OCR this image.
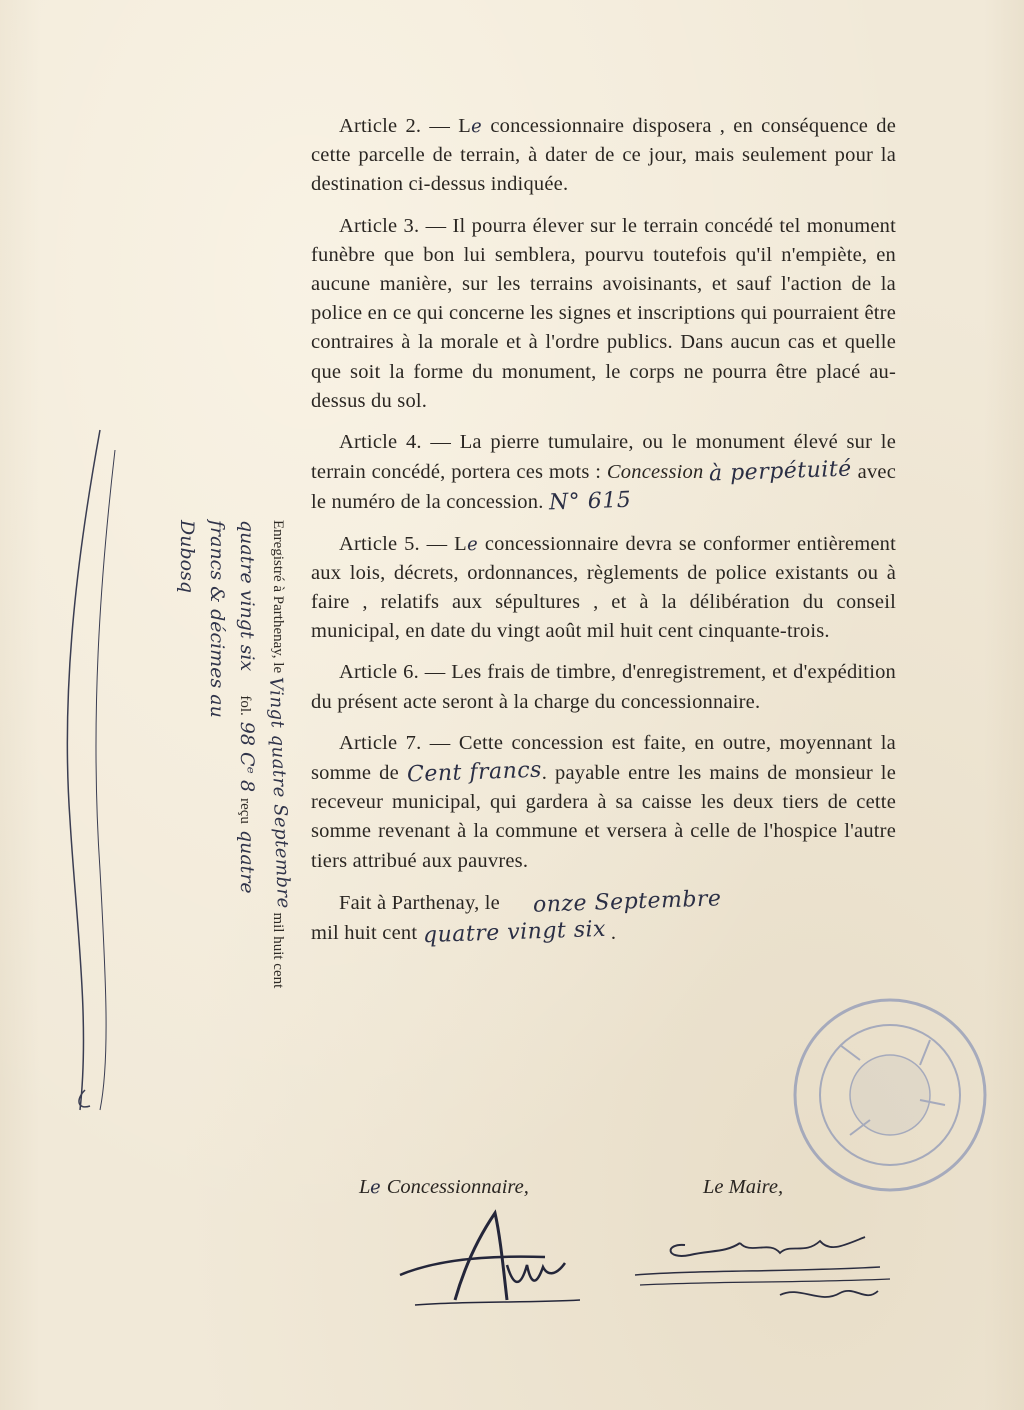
Article 2. — Le concessionnaire disposera , en conséquence de cette parcelle de terrain, à dater de ce jour, mais seulement pour la destination ci-dessus indiquée.

Article 3. — Il pourra élever sur le terrain concédé tel monument funèbre que bon lui semblera, pourvu toutefois qu'il n'empiète, en aucune manière, sur les terrains avoisinants, et sauf l'action de la police en ce qui concerne les signes et inscriptions qui pourraient être contraires à la morale et à l'ordre publics. Dans aucun cas et quelle que soit la forme du monument, le corps ne pourra être placé au-dessus du sol.

Article 4. — La pierre tumulaire, ou le monument élevé sur le terrain concédé, portera ces mots : Concession à perpétuité avec le numéro de la concession. N° 615

Article 5. — Le concessionnaire devra se conformer entièrement aux lois, décrets, ordonnances, règlements de police existants ou à faire , relatifs aux sépultures , et à la délibération du conseil municipal, en date du vingt août mil huit cent cinquante-trois.

Article 6. — Les frais de timbre, d'enregistrement, et d'expédition du présent acte seront à la charge du concessionnaire.

Article 7. — Cette concession est faite, en outre, moyennant la somme de Cent francs. payable entre les mains de monsieur le receveur municipal, qui gardera à sa caisse les deux tiers de cette somme revenant à la commune et versera à celle de l'hospice l'autre tiers attribué aux pauvres.

Fait à Parthenay, le onze Septembre
mil huit cent quatre vingt six .
Le Concessionnaire,	Le Maire,
Enregistré à Parthenay, le Vingt quatre Septembre mil huit cent
quatre vingt six    fol. 98 Cᵉ 8 reçu quatre
francs & décimes au
Dubosq
